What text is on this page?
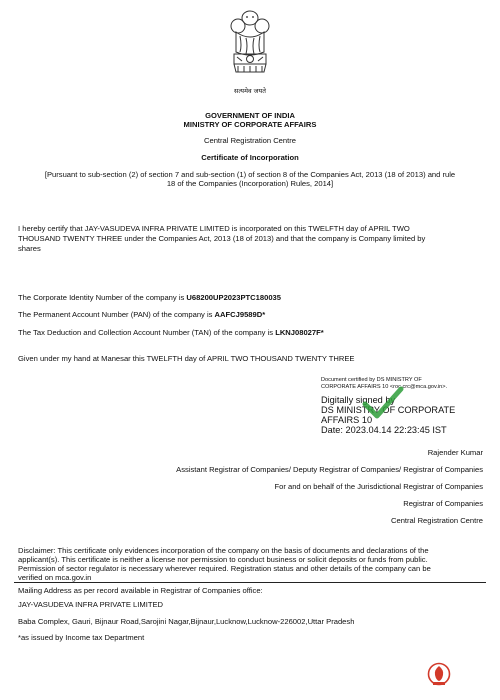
सत्यमेव जयते
GOVERNMENT OF INDIA
MINISTRY OF CORPORATE AFFAIRS
Central Registration Centre
Certificate of Incorporation
[Pursuant to sub-section (2) of section 7 and sub-section (1) of section 8 of the Companies Act, 2013 (18 of 2013) and rule
18 of the Companies (Incorporation) Rules, 2014]
I hereby certify that JAY-VASUDEVA INFRA PRIVATE LIMITED is incorporated on this TWELFTH day of APRIL TWO
THOUSAND TWENTY THREE under the Companies Act, 2013 (18 of 2013) and that the company is Company limited by
shares
The Corporate Identity Number of the company is U68200UP2023PTC180035
The Permanent Account Number (PAN) of the company is AAFCJ9589D*
The Tax Deduction and Collection Account Number (TAN) of the company is LKNJ08027F*
Given under my hand at Manesar this TWELFTH day of APRIL TWO THOUSAND TWENTY THREE
Document certified by DS MINISTRY OF
CORPORATE AFFAIRS 10 <roc.crc@mca.gov.in>.
Digitally signed by
DS MINISTRY OF CORPORATE
AFFAIRS 10
Date: 2023.04.14 22:23:45 IST
Rajender Kumar
Assistant Registrar of Companies/ Deputy Registrar of Companies/ Registrar of Companies
For and on behalf of the Jurisdictional Registrar of Companies
Registrar of Companies
Central Registration Centre
Disclaimer: This certificate only evidences incorporation of the company on the basis of documents and declarations of the
applicant(s). This certificate is neither a license nor permission to conduct business or solicit deposits or funds from public.
Permission of sector regulator is necessary wherever required. Registration status and other details of the company can be
verified on mca.gov.in
Mailing Address as per record available in Registrar of Companies office:
JAY-VASUDEVA INFRA PRIVATE LIMITED
Baba Complex, Gauri, Bijnaur Road,Sarojini Nagar,Bijnaur,Lucknow,Lucknow-226002,Uttar Pradesh
*as issued by Income tax Department
